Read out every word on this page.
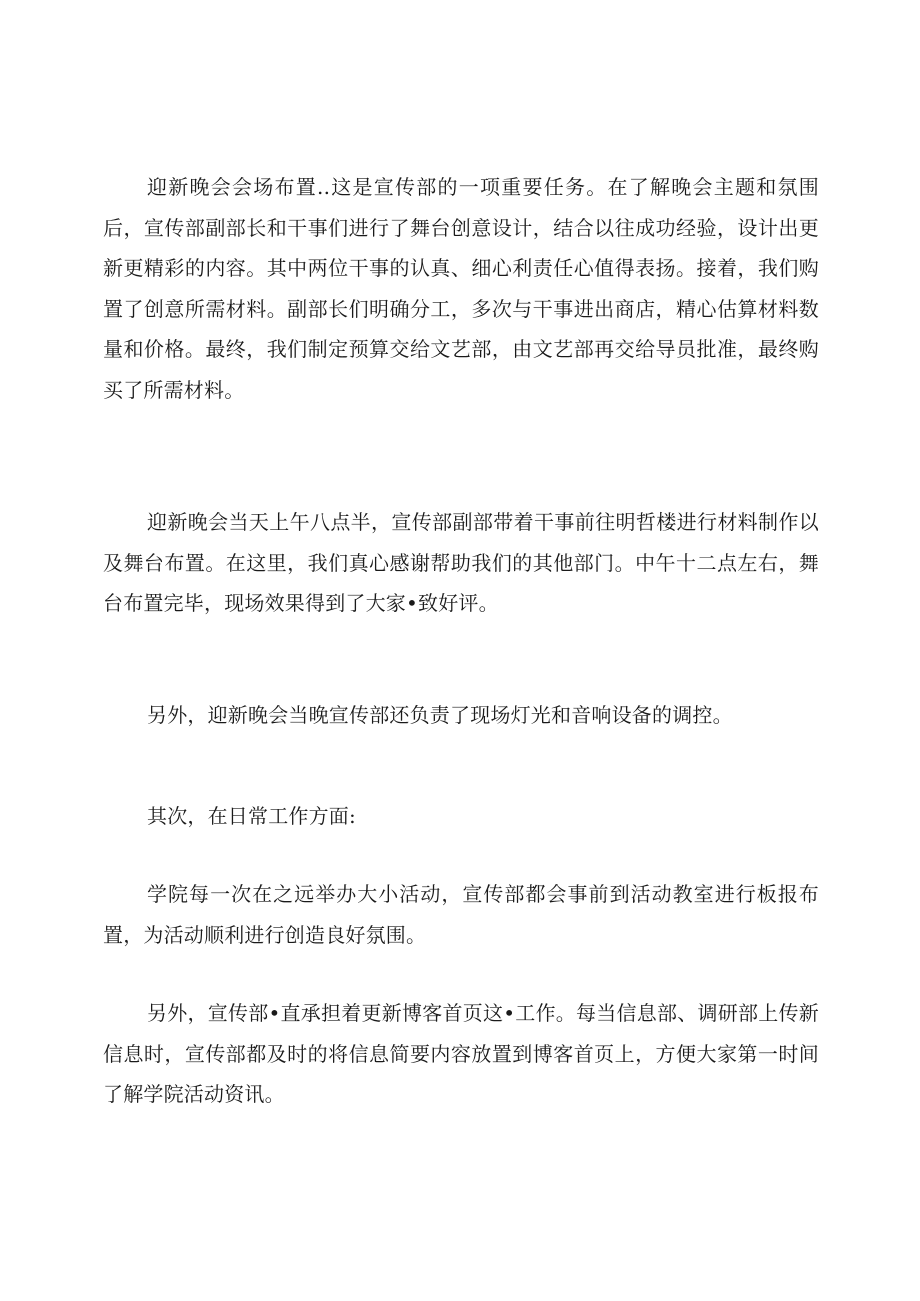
迎新晚会会场布置..这是宣传部的一项重要任务。在了解晚会主题和氛围后，宣传部副部长和干事们进行了舞台创意设计，结合以往成功经验，设计出更新更精彩的内容。其中两位干事的认真、细心利责任心值得表扬。接着，我们购置了创意所需材料。副部长们明确分工，多次与干事进出商店，精心估算材料数量和价格。最终，我们制定预算交给文艺部，由文艺部再交给导员批准，最终购买了所需材料。

迎新晚会当天上午八点半，宣传部副部带着干事前往明哲楼进行材料制作以及舞台布置。在这里，我们真心感谢帮助我们的其他部门。中午十二点左右，舞台布置完毕，现场效果得到了大家•致好评。

另外，迎新晚会当晚宣传部还负责了现场灯光和音响设备的调控。

其次，在日常工作方面:

学院每一次在之远举办大小活动，宣传部都会事前到活动教室进行板报布置，为活动顺利进行创造良好氛围。

另外，宣传部•直承担着更新博客首页这•工作。每当信息部、调研部上传新信息时，宣传部都及时的将信息简要内容放置到博客首页上，方便大家第一时间了解学院活动资讯。
